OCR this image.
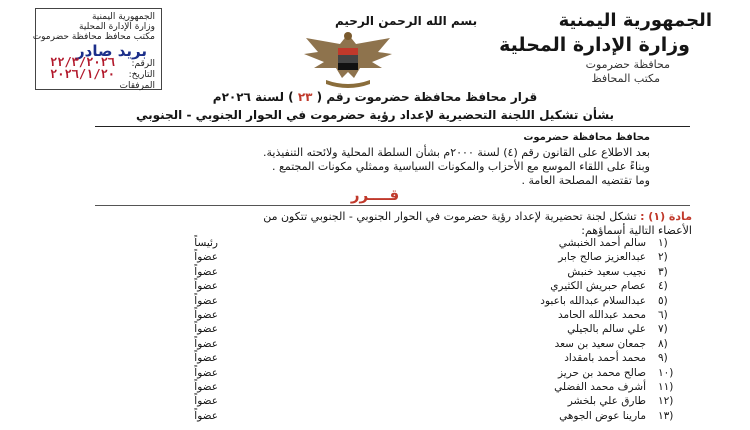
الجمهورية اليمنية
وزارة الإدارة المحلية
محافظة حضرموت
مكتب المحافظ
بسم الله الرحمن الرحيم
الجمهورية اليمنية
وزارة الإدارة المحلية
مكتب محافظ محافظة حضرموت
بريد صادر
الرقم:
التاريخ:
المرفقات
٢٢/٣/٢٠٢٦
٢٠٢٦/١/٢٠
قرار محافظ محافظة حضرموت رقم ( ٢٣ ) لسنة ٢٠٢٦م
بشأن تشكيل اللجنة التحضيرية لإعداد رؤية حضرموت في الحوار الجنوبي - الجنوبي
محافظ محافظة حضرموت
بعد الاطلاع على القانون رقم (٤) لسنة ٢٠٠٠م بشأن السلطة المحلية ولائحته التنفيذية.
وبناءً على اللقاء الموسع مع الأحزاب والمكونات السياسية وممثلي مكونات المجتمع .
وما تقتضيه المصلحة العامة .
قــــرر
مادة (١) : تشكل لجنة تحضيرية لإعداد رؤية حضرموت في الحوار الجنوبي - الجنوبي تتكون من
الأعضاء التالية أسماؤهم:
١)
سالم أحمد الخنبشي
رئيساً
٢)
عبدالعزيز صالح جابر
عضواً
٣)
نجيب سعيد خنبش
عضواً
٤)
عصام حبريش الكثيري
عضواً
٥)
عبدالسلام عبدالله باعبود
عضواً
٦)
محمد عبدالله الحامد
عضواً
٧)
علي سالم بالجيلي
عضواً
٨)
جمعان سعيد بن سعد
عضواً
٩)
محمد أحمد بامقداد
عضواً
١٠)
صالح محمد بن حريز
عضواً
١١)
أشرف محمد الفضلي
عضواً
١٢)
طارق علي بلخشر
عضواً
١٣)
مارينا عوض الجوهي
عضواً
